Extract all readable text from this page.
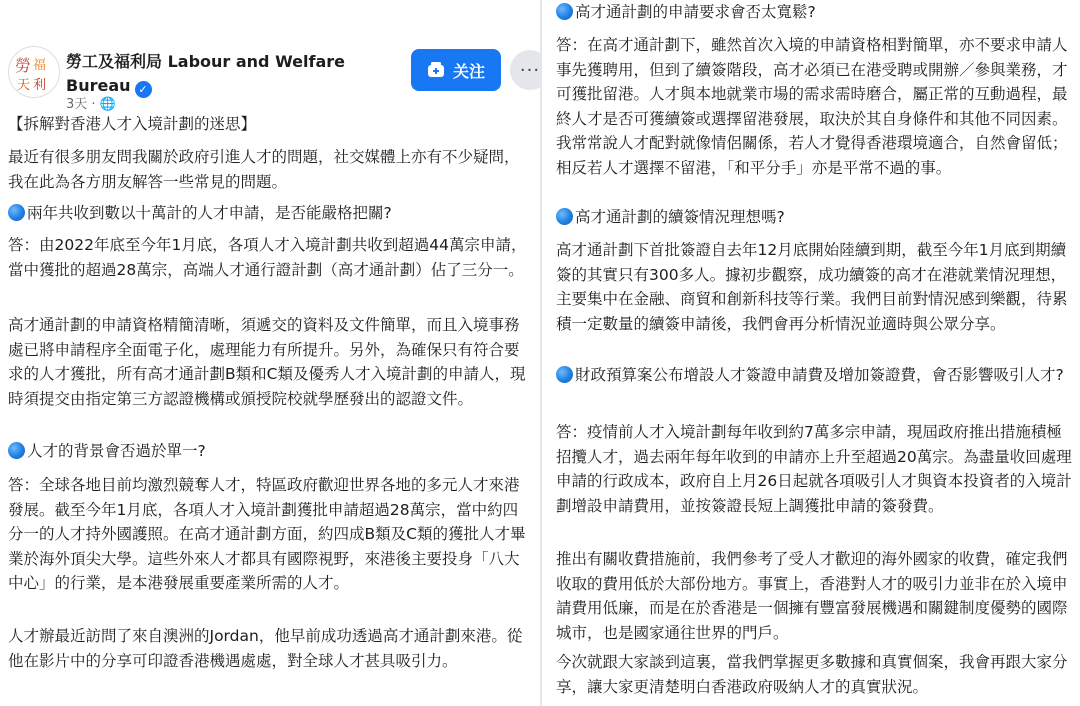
勞 福
天 利
勞工及福利局 Labour and Welfare
Bureau ✓
3天 · 🌐
关注 ···
【拆解對香港人才入境計劃的迷思】
最近有很多朋友問我關於政府引進人才的問題，社交媒體上亦有不少疑問，我在此為各方朋友解答一些常見的問題。
兩年共收到數以十萬計的人才申請，是否能嚴格把關?
答：由2022年底至今年1月底，各項人才入境計劃共收到超過44萬宗申請，當中獲批的超過28萬宗，高端人才通行證計劃（高才通計劃）佔了三分一。
高才通計劃的申請資格精簡清晰，須遞交的資料及文件簡單，而且入境事務處已將申請程序全面電子化，處理能力有所提升。另外，為確保只有符合要求的人才獲批，所有高才通計劃B類和C類及優秀人才入境計劃的申請人，現時須提交由指定第三方認證機構或頒授院校就學歷發出的認證文件。
人才的背景會否過於單一?
答：全球各地目前均激烈競奪人才，特區政府歡迎世界各地的多元人才來港發展。截至今年1月底，各項人才入境計劃獲批申請超過28萬宗，當中約四分一的人才持外國護照。在高才通計劃方面，約四成B類及C類的獲批人才畢業於海外頂尖大學。這些外來人才都具有國際視野，來港後主要投身「八大中心」的行業，是本港發展重要產業所需的人才。
人才辦最近訪問了來自澳洲的Jordan，他早前成功透過高才通計劃來港。從他在影片中的分享可印證香港機遇處處，對全球人才甚具吸引力。
高才通計劃的申請要求會否太寬鬆?
答：在高才通計劃下，雖然首次入境的申請資格相對簡單，亦不要求申請人事先獲聘用，但到了續簽階段，高才必須已在港受聘或開辦／參與業務，才可獲批留港。人才與本地就業市場的需求需時磨合，屬正常的互動過程，最終人才是否可獲續簽或選擇留港發展，取決於其自身條件和其他不同因素。我常常說人才配對就像情侶關係，若人才覺得香港環境適合，自然會留低；相反若人才選擇不留港，「和平分手」亦是平常不過的事。
高才通計劃的續簽情況理想嗎?
高才通計劃下首批簽證自去年12月底開始陸續到期，截至今年1月底到期續簽的其實只有300多人。據初步觀察，成功續簽的高才在港就業情況理想，主要集中在金融、商貿和創新科技等行業。我們目前對情況感到樂觀，待累積一定數量的續簽申請後，我們會再分析情況並適時與公眾分享。
財政預算案公布增設人才簽證申請費及增加簽證費，會否影響吸引人才?
答：疫情前人才入境計劃每年收到約7萬多宗申請，現屆政府推出措施積極招攬人才，過去兩年每年收到的申請亦上升至超過20萬宗。為盡量收回處理申請的行政成本，政府自上月26日起就各項吸引人才與資本投資者的入境計劃增設申請費用，並按簽證長短上調獲批申請的簽發費。
推出有關收費措施前，我們參考了受人才歡迎的海外國家的收費，確定我們收取的費用低於大部份地方。事實上，香港對人才的吸引力並非在於入境申請費用低廉，而是在於香港是一個擁有豐富發展機遇和關鍵制度優勢的國際城市，也是國家通往世界的門戶。
今次就跟大家談到這裏，當我們掌握更多數據和真實個案，我會再跟大家分享，讓大家更清楚明白香港政府吸納人才的真實狀況。
